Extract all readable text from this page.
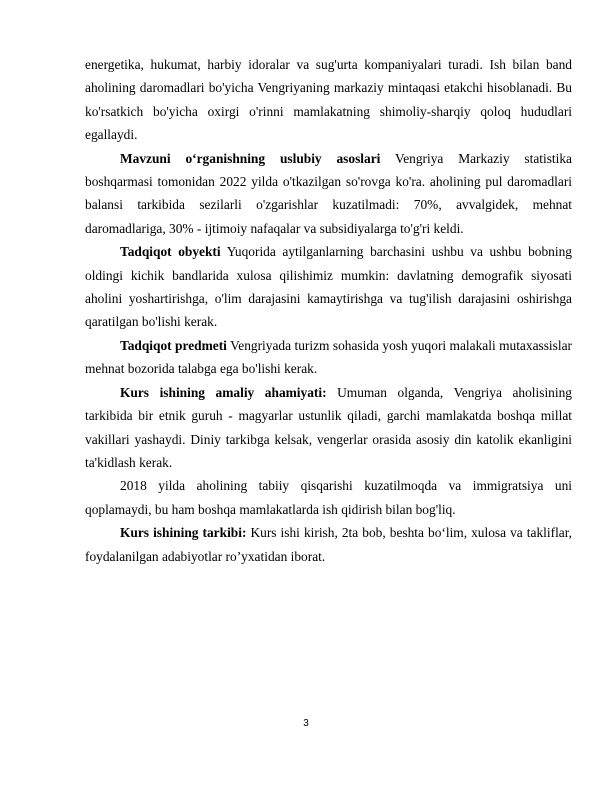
energetika, hukumat, harbiy idoralar va sug'urta kompaniyalari turadi. Ish bilan band aholining daromadlari bo'yicha Vengriyaning markaziy mintaqasi etakchi hisoblanadi. Bu ko'rsatkich bo'yicha oxirgi o'rinni mamlakatning shimoliy-sharqiy qoloq hududlari egallaydi.

Mavzuni o‘rganishning uslubiy asoslari Vengriya Markaziy statistika boshqarmasi tomonidan 2022 yilda o'tkazilgan so'rovga ko'ra. aholining pul daromadlari balansi tarkibida sezilarli o'zgarishlar kuzatilmadi: 70%, avvalgidek, mehnat daromadlariga, 30% - ijtimoiy nafaqalar va subsidiyalarga to'g'ri keldi.

Tadqiqot obyekti Yuqorida aytilganlarning barchasini ushbu va ushbu bobning oldingi kichik bandlarida xulosa qilishimiz mumkin: davlatning demografik siyosati aholini yoshartirishga, o'lim darajasini kamaytirishga va tug'ilish darajasini oshirishga qaratilgan bo'lishi kerak.

Tadqiqot predmeti Vengriyada turizm sohasida yosh yuqori malakali mutaxassislar mehnat bozorida talabga ega bo'lishi kerak.

Kurs ishining amaliy ahamiyati: Umuman olganda, Vengriya aholisining tarkibida bir etnik guruh - magyarlar ustunlik qiladi, garchi mamlakatda boshqa millat vakillari yashaydi. Diniy tarkibga kelsak, vengerlar orasida asosiy din katolik ekanligini ta'kidlash kerak.

2018 yilda aholining tabiiy qisqarishi kuzatilmoqda va immigratsiya uni qoplamaydi, bu ham boshqa mamlakatlarda ish qidirish bilan bog'liq.

Kurs ishining tarkibi: Kurs ishi kirish, 2ta bob, beshta bo‘lim, xulosa va takliflar, foydalanilgan adabiyotlar ro’yxatidan iborat.

3
